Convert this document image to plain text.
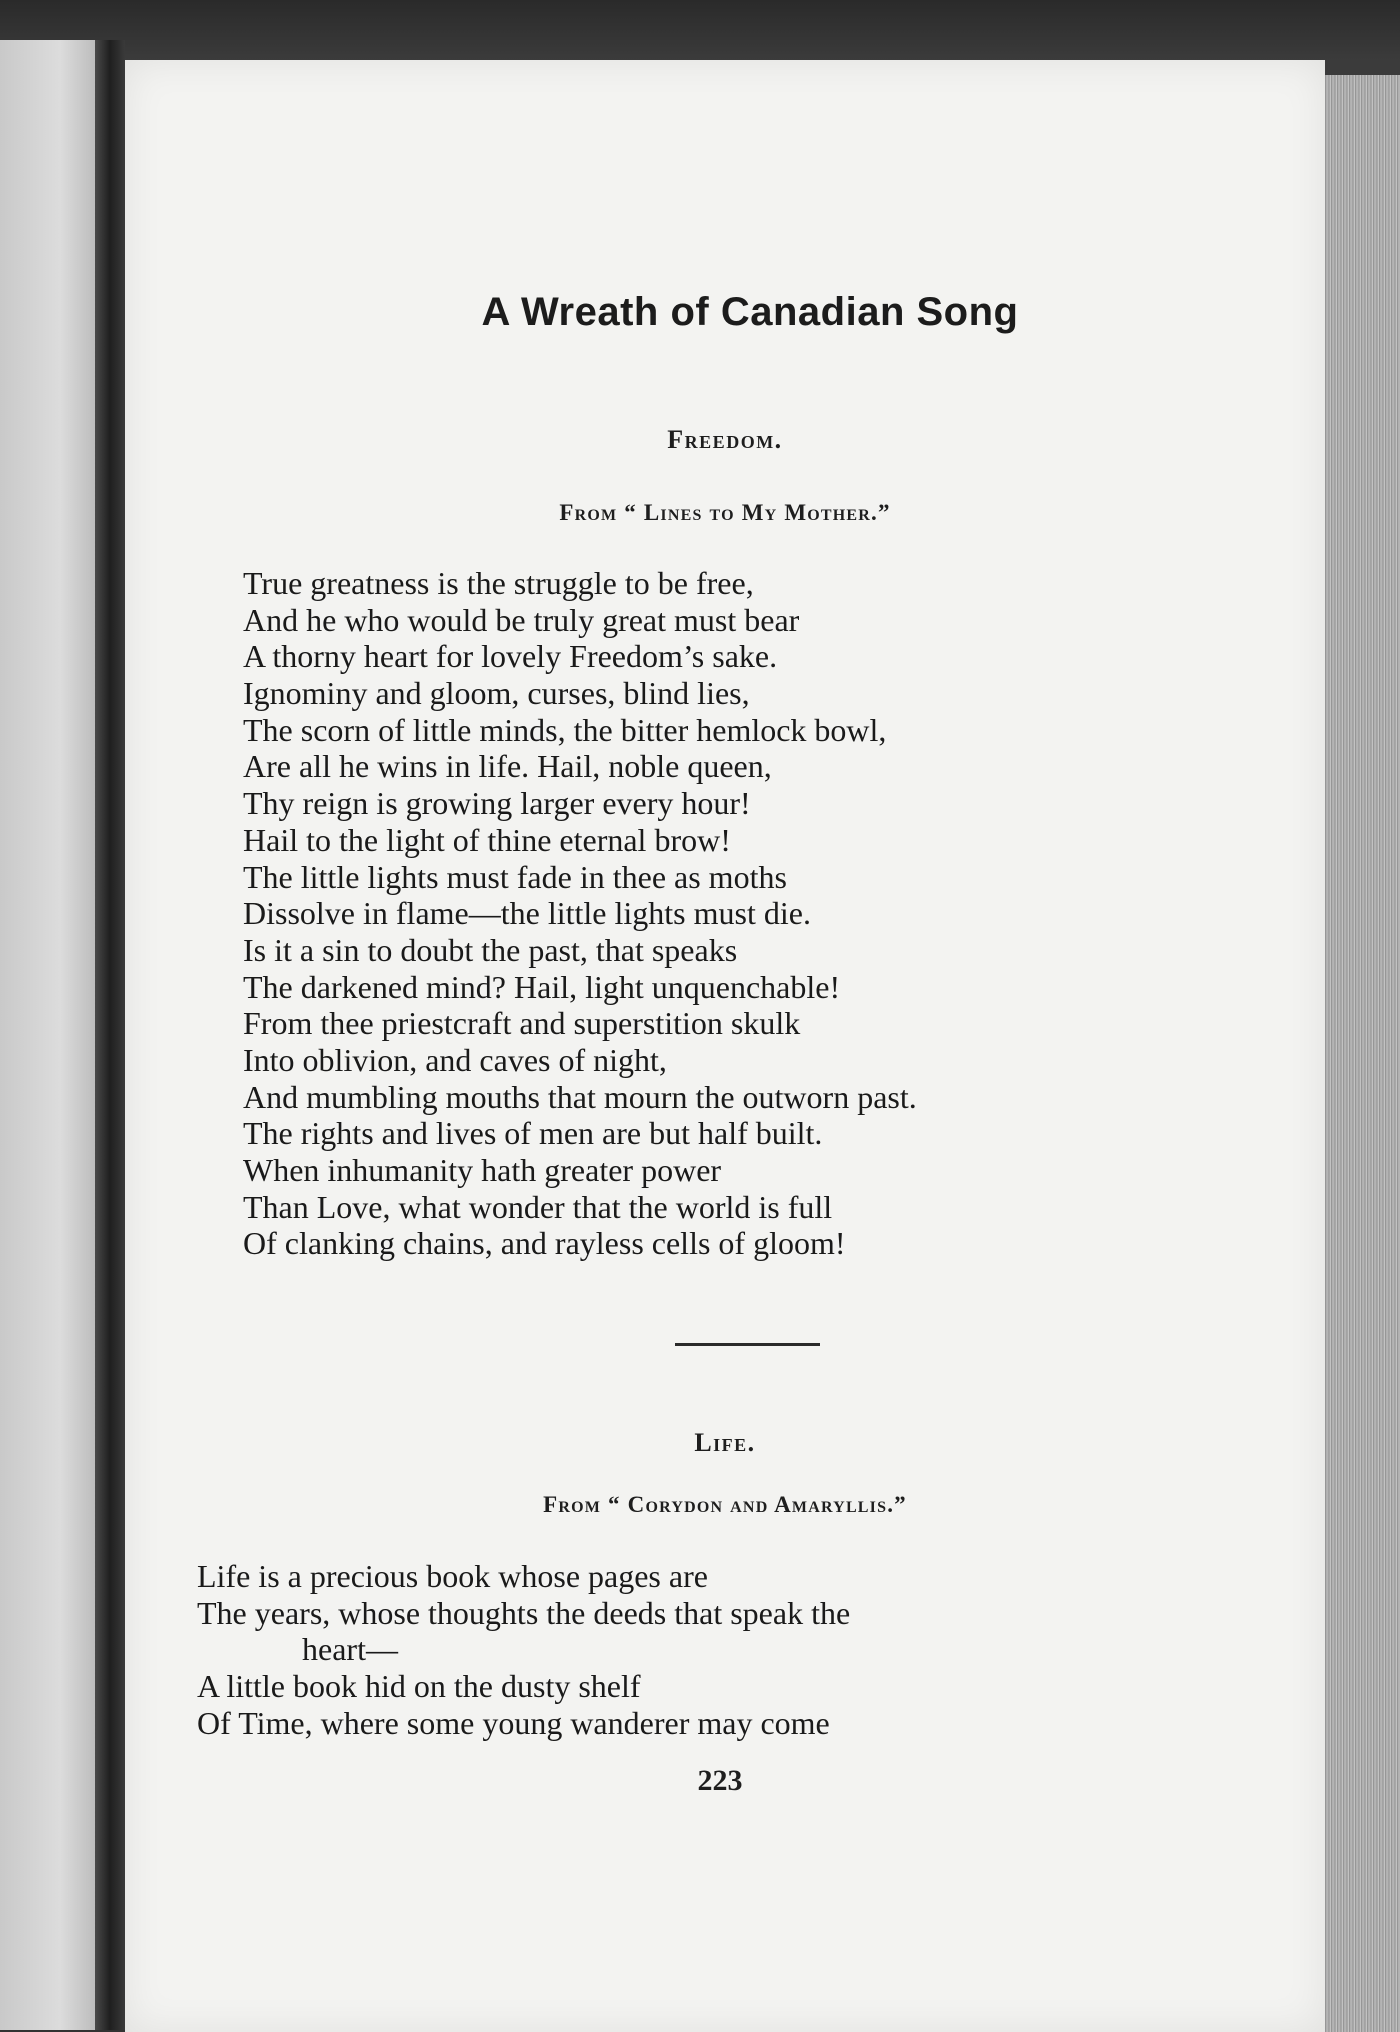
A Wreath of Canadian Song
Freedom.
From “ Lines to My Mother.”
True greatness is the struggle to be free,
And he who would be truly great must bear
A thorny heart for lovely Freedom’s sake.
Ignominy and gloom, curses, blind lies,
The scorn of little minds, the bitter hemlock bowl,
Are all he wins in life. Hail, noble queen,
Thy reign is growing larger every hour!
Hail to the light of thine eternal brow!
The little lights must fade in thee as moths
Dissolve in flame—the little lights must die.
Is it a sin to doubt the past, that speaks
The darkened mind? Hail, light unquenchable!
From thee priestcraft and superstition skulk
Into oblivion, and caves of night,
And mumbling mouths that mourn the outworn past.
The rights and lives of men are but half built.
When inhumanity hath greater power
Than Love, what wonder that the world is full
Of clanking chains, and rayless cells of gloom!
Life.
From “ Corydon and Amaryllis.”
Life is a precious book whose pages are
The years, whose thoughts the deeds that speak the
heart—
A little book hid on the dusty shelf
Of Time, where some young wanderer may come
223
